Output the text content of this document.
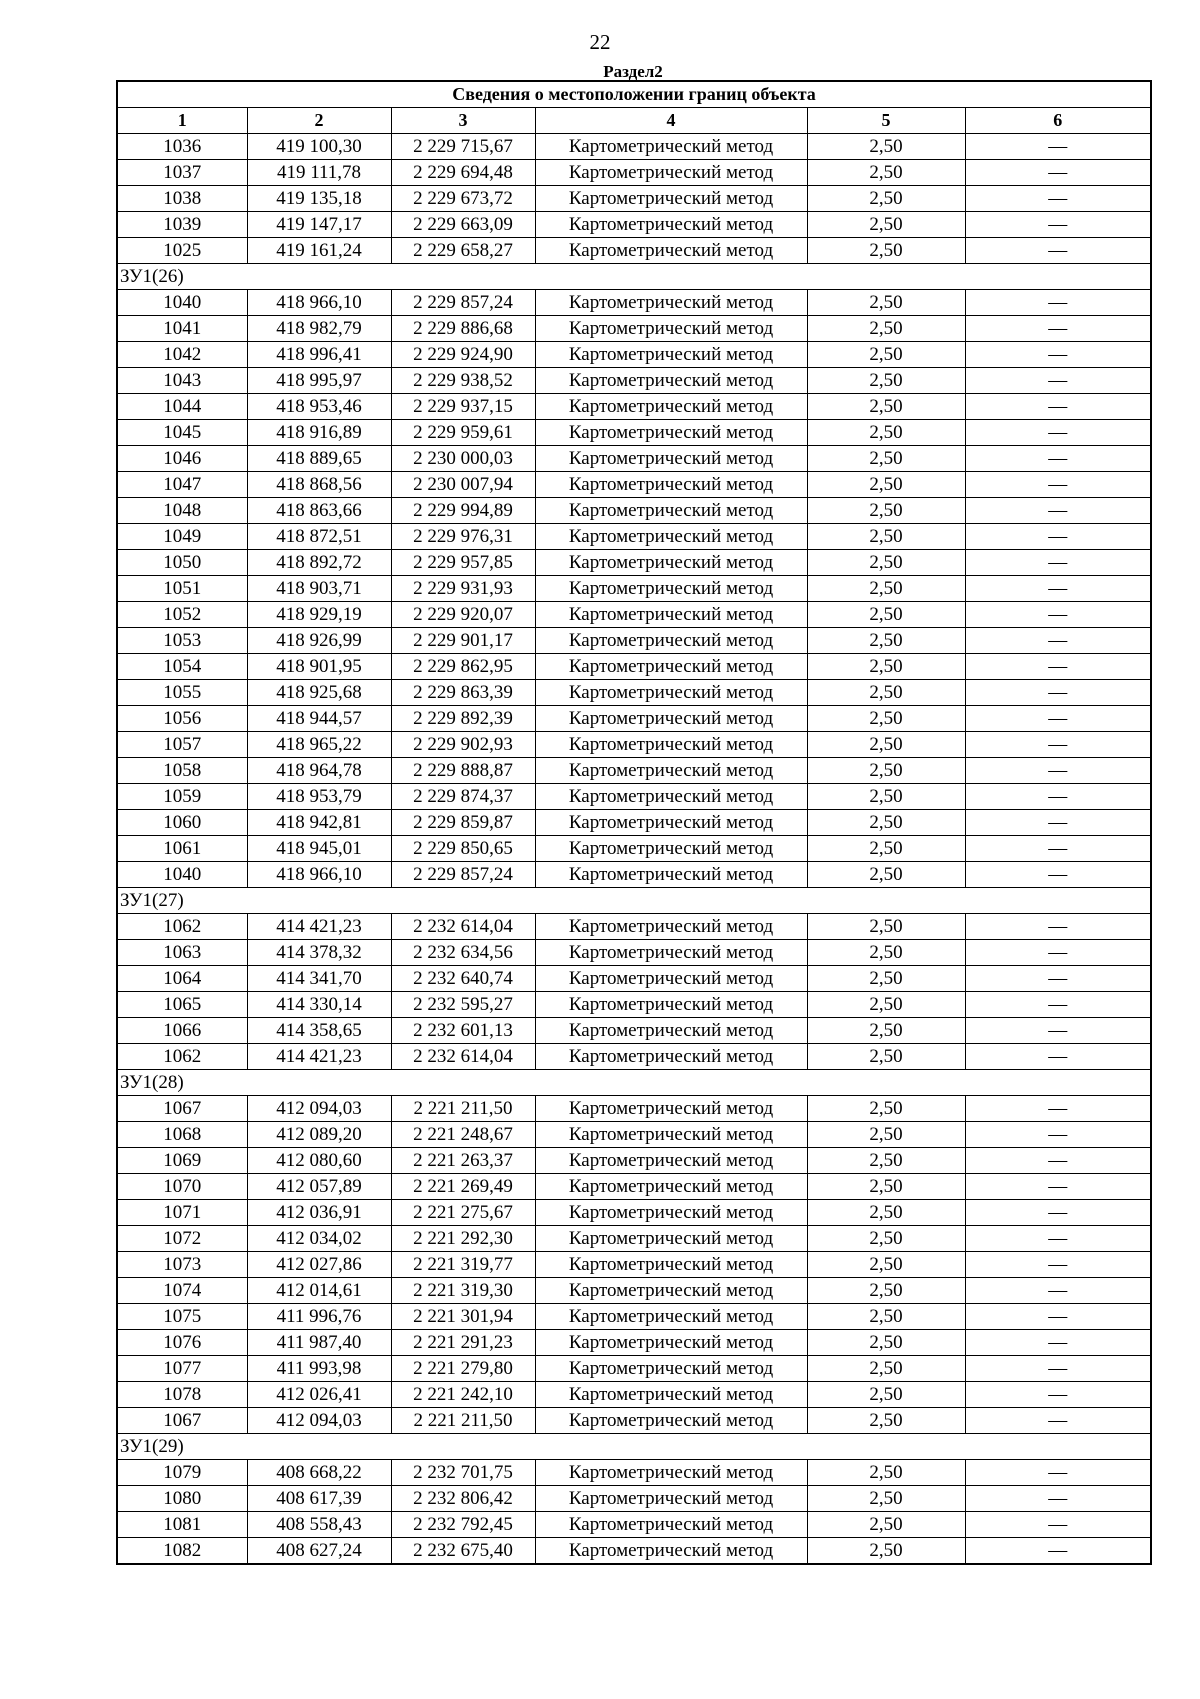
22
Раздел2
Сведения о местоположении границ объекта					
1	2	3	4	5	6
1036	419 100,30	2 229 715,67	Картометрический метод	2,50	—
1037	419 111,78	2 229 694,48	Картометрический метод	2,50	—
1038	419 135,18	2 229 673,72	Картометрический метод	2,50	—
1039	419 147,17	2 229 663,09	Картометрический метод	2,50	—
1025	419 161,24	2 229 658,27	Картометрический метод	2,50	—
ЗУ1(26)					
1040	418 966,10	2 229 857,24	Картометрический метод	2,50	—
1041	418 982,79	2 229 886,68	Картометрический метод	2,50	—
1042	418 996,41	2 229 924,90	Картометрический метод	2,50	—
1043	418 995,97	2 229 938,52	Картометрический метод	2,50	—
1044	418 953,46	2 229 937,15	Картометрический метод	2,50	—
1045	418 916,89	2 229 959,61	Картометрический метод	2,50	—
1046	418 889,65	2 230 000,03	Картометрический метод	2,50	—
1047	418 868,56	2 230 007,94	Картометрический метод	2,50	—
1048	418 863,66	2 229 994,89	Картометрический метод	2,50	—
1049	418 872,51	2 229 976,31	Картометрический метод	2,50	—
1050	418 892,72	2 229 957,85	Картометрический метод	2,50	—
1051	418 903,71	2 229 931,93	Картометрический метод	2,50	—
1052	418 929,19	2 229 920,07	Картометрический метод	2,50	—
1053	418 926,99	2 229 901,17	Картометрический метод	2,50	—
1054	418 901,95	2 229 862,95	Картометрический метод	2,50	—
1055	418 925,68	2 229 863,39	Картометрический метод	2,50	—
1056	418 944,57	2 229 892,39	Картометрический метод	2,50	—
1057	418 965,22	2 229 902,93	Картометрический метод	2,50	—
1058	418 964,78	2 229 888,87	Картометрический метод	2,50	—
1059	418 953,79	2 229 874,37	Картометрический метод	2,50	—
1060	418 942,81	2 229 859,87	Картометрический метод	2,50	—
1061	418 945,01	2 229 850,65	Картометрический метод	2,50	—
1040	418 966,10	2 229 857,24	Картометрический метод	2,50	—
ЗУ1(27)					
1062	414 421,23	2 232 614,04	Картометрический метод	2,50	—
1063	414 378,32	2 232 634,56	Картометрический метод	2,50	—
1064	414 341,70	2 232 640,74	Картометрический метод	2,50	—
1065	414 330,14	2 232 595,27	Картометрический метод	2,50	—
1066	414 358,65	2 232 601,13	Картометрический метод	2,50	—
1062	414 421,23	2 232 614,04	Картометрический метод	2,50	—
ЗУ1(28)					
1067	412 094,03	2 221 211,50	Картометрический метод	2,50	—
1068	412 089,20	2 221 248,67	Картометрический метод	2,50	—
1069	412 080,60	2 221 263,37	Картометрический метод	2,50	—
1070	412 057,89	2 221 269,49	Картометрический метод	2,50	—
1071	412 036,91	2 221 275,67	Картометрический метод	2,50	—
1072	412 034,02	2 221 292,30	Картометрический метод	2,50	—
1073	412 027,86	2 221 319,77	Картометрический метод	2,50	—
1074	412 014,61	2 221 319,30	Картометрический метод	2,50	—
1075	411 996,76	2 221 301,94	Картометрический метод	2,50	—
1076	411 987,40	2 221 291,23	Картометрический метод	2,50	—
1077	411 993,98	2 221 279,80	Картометрический метод	2,50	—
1078	412 026,41	2 221 242,10	Картометрический метод	2,50	—
1067	412 094,03	2 221 211,50	Картометрический метод	2,50	—
ЗУ1(29)					
1079	408 668,22	2 232 701,75	Картометрический метод	2,50	—
1080	408 617,39	2 232 806,42	Картометрический метод	2,50	—
1081	408 558,43	2 232 792,45	Картометрический метод	2,50	—
1082	408 627,24	2 232 675,40	Картометрический метод	2,50	—
